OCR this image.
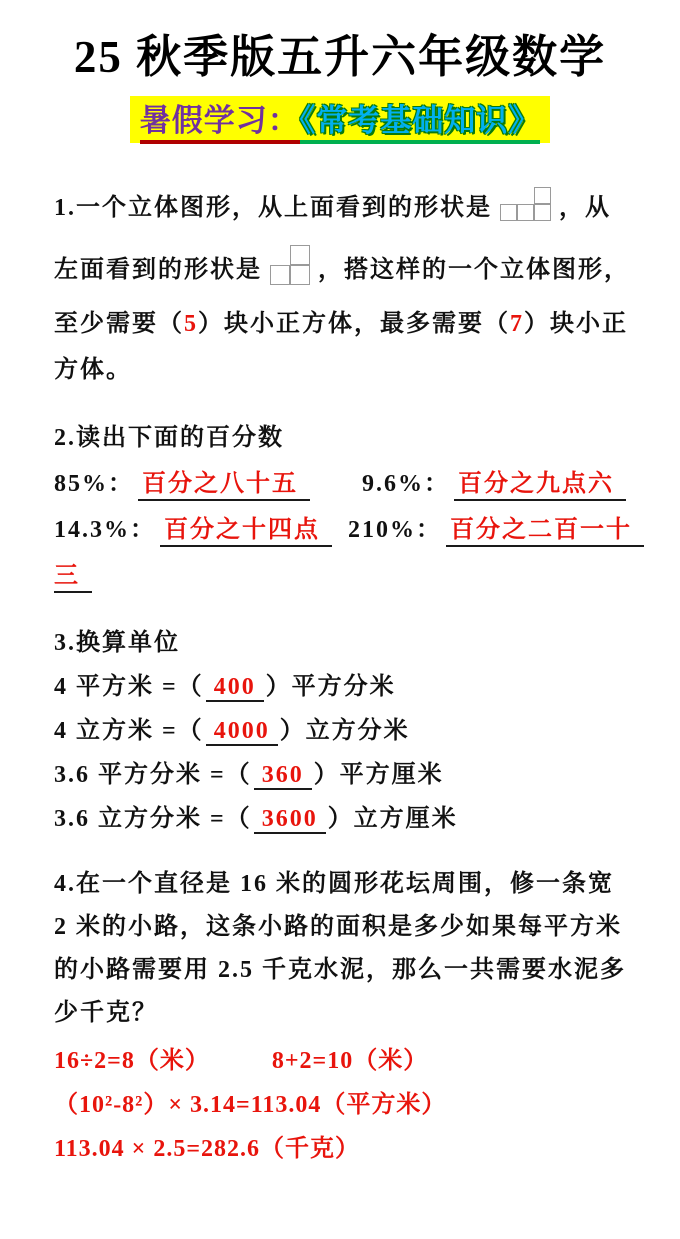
25 秋季版五升六年级数学
暑假学习：《常考基础知识》
1.一个立体图形，从上面看到的形状是	，从
左面看到的形状是 ，搭这样的一个立体图形，
至少需要（5）块小正方体，最多需要（7）块小正
方体。
2.读出下面的百分数
85%： 百分之八十五	9.6%： 百分之九点六
14.3%： 百分之十四点	210%： 百分之二百一十
三
3.换算单位
4 平方米 =（ 400 ）平方分米
4 立方米 =（ 4000 ）立方分米
3.6 平方分米 =（ 360 ）平方厘米
3.6 立方分米 =（ 3600 ）立方厘米
4.在一个直径是 16 米的圆形花坛周围，修一条宽
2 米的小路，这条小路的面积是多少如果每平方米
的小路需要用 2.5 千克水泥，那么一共需要水泥多
少千克？
16÷2=8（米）	8+2=10（米）
（10²-8²）× 3.14=113.04（平方米）
113.04 × 2.5=282.6（千克）
